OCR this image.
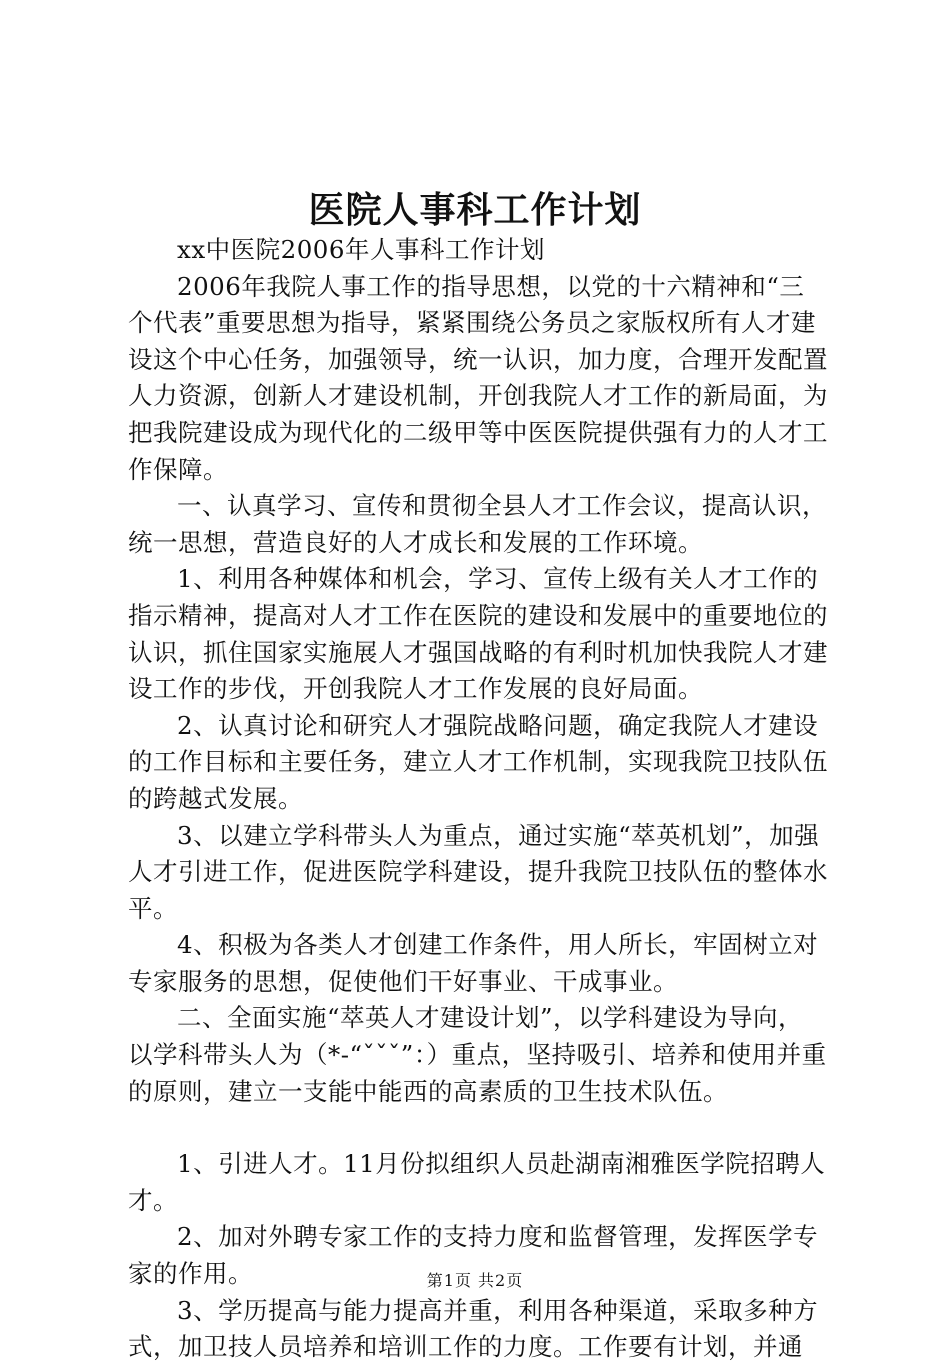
医院人事科工作计划

xx中医院2006年人事科工作计划

2006年我院人事工作的指导思想，以党的十六精神和“三个代表”重要思想为指导，紧紧围绕公务员之家版权所有人才建设这个中心任务，加强领导，统一认识，加力度，合理开发配置人力资源，创新人才建设机制，开创我院人才工作的新局面，为把我院建设成为现代化的二级甲等中医医院提供强有力的人才工作保障。

一、认真学习、宣传和贯彻全县人才工作会议，提高认识，统一思想，营造良好的人才成长和发展的工作环境。

1、利用各种媒体和机会，学习、宣传上级有关人才工作的指示精神，提高对人才工作在医院的建设和发展中的重要地位的认识，抓住国家实施展人才强国战略的有利时机加快我院人才建设工作的步伐，开创我院人才工作发展的良好局面。

2、认真讨论和研究人才强院战略问题，确定我院人才建设的工作目标和主要任务，建立人才工作机制，实现我院卫技队伍的跨越式发展。

3、以建立学科带头人为重点，通过实施“萃英机划”，加强人才引进工作，促进医院学科建设，提升我院卫技队伍的整体水平。

4、积极为各类人才创建工作条件，用人所长，牢固树立对专家服务的思想，促使他们干好事业、干成事业。

二、全面实施“萃英人才建设计划”，以学科建设为导向，以学科带头人为（*-“ˇˇˇ”：）重点，坚持吸引、培养和使用并重的原则，建立一支能中能西的高素质的卫生技术队伍。

1、引进人才。11月份拟组织人员赴湖南湘雅医学院招聘人才。

2、加对外聘专家工作的支持力度和监督管理，发挥医学专家的作用。

3、学历提高与能力提高并重，利用各种渠道，采取多种方式，加卫技人员培养和培训工作的力度。工作要有计划，并通

第1页 共2页
